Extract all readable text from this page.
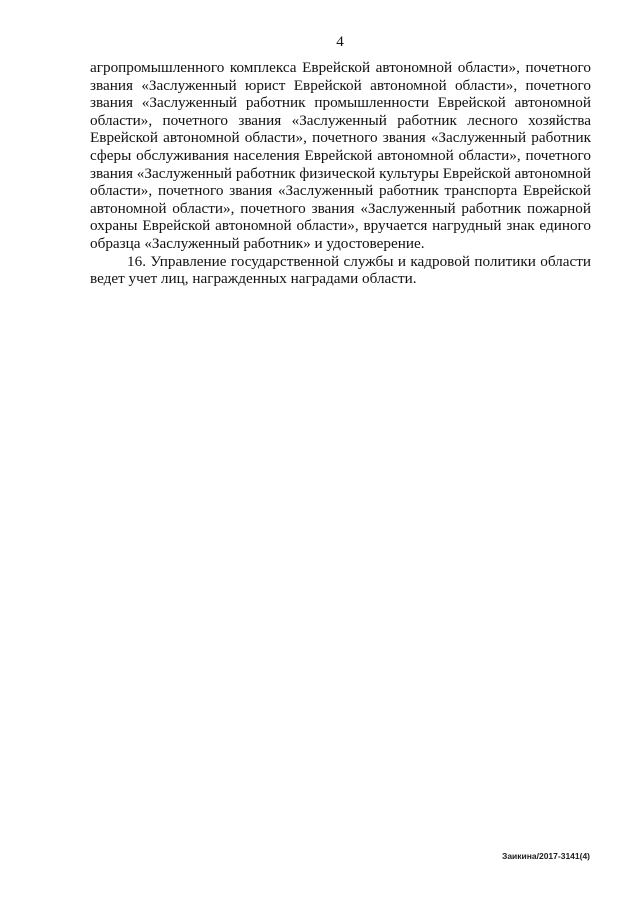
4
агропромышленного комплекса Еврейской автономной области», почетного
звания «Заслуженный юрист Еврейской автономной области», почетного
звания «Заслуженный работник промышленности Еврейской автономной
области», почетного звания «Заслуженный работник лесного хозяйства
Еврейской автономной области», почетного звания «Заслуженный работник
сферы обслуживания населения Еврейской автономной области», почетного
звания «Заслуженный работник физической культуры Еврейской автономной
области», почетного звания «Заслуженный работник транспорта Еврейской
автономной области», почетного звания «Заслуженный работник пожарной
охраны Еврейской автономной области», вручается нагрудный знак единого
образца «Заслуженный работник» и удостоверение.
16. Управление государственной службы и кадровой политики области
ведет учет лиц, награжденных наградами области.
Заикина/2017-3141(4)
